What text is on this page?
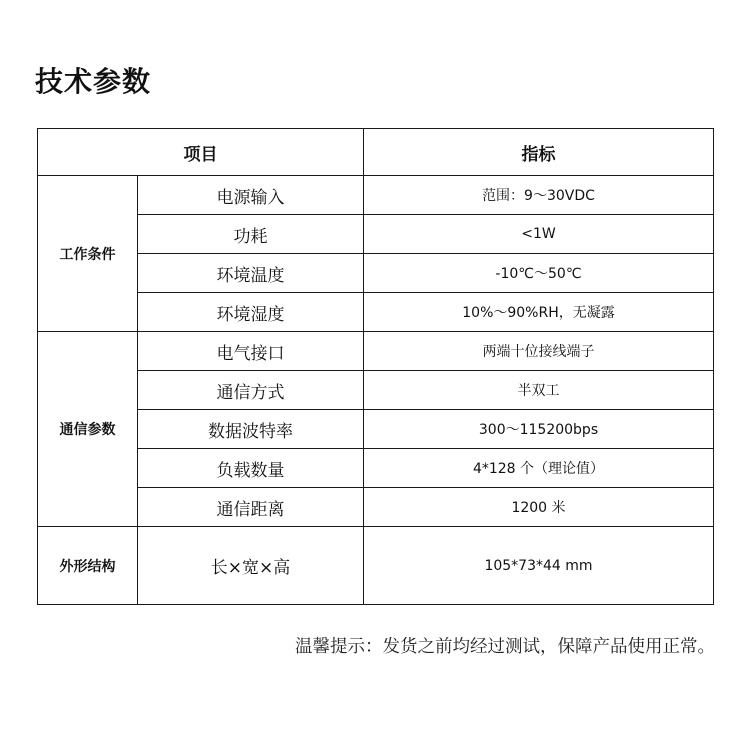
技术参数
项目		指标
工作条件	电源输入	范围：9～30VDC
	功耗	<1W
	环境温度	-10℃～50℃
	环境湿度	10%～90%RH，无凝露
通信参数	电气接口	两端十位接线端子
	通信方式	半双工
	数据波特率	300～115200bps
	负载数量	4*128 个（理论值）
	通信距离	1200 米
外形结构	长×宽×高	105*73*44 mm
温馨提示：发货之前均经过测试，保障产品使用正常。
